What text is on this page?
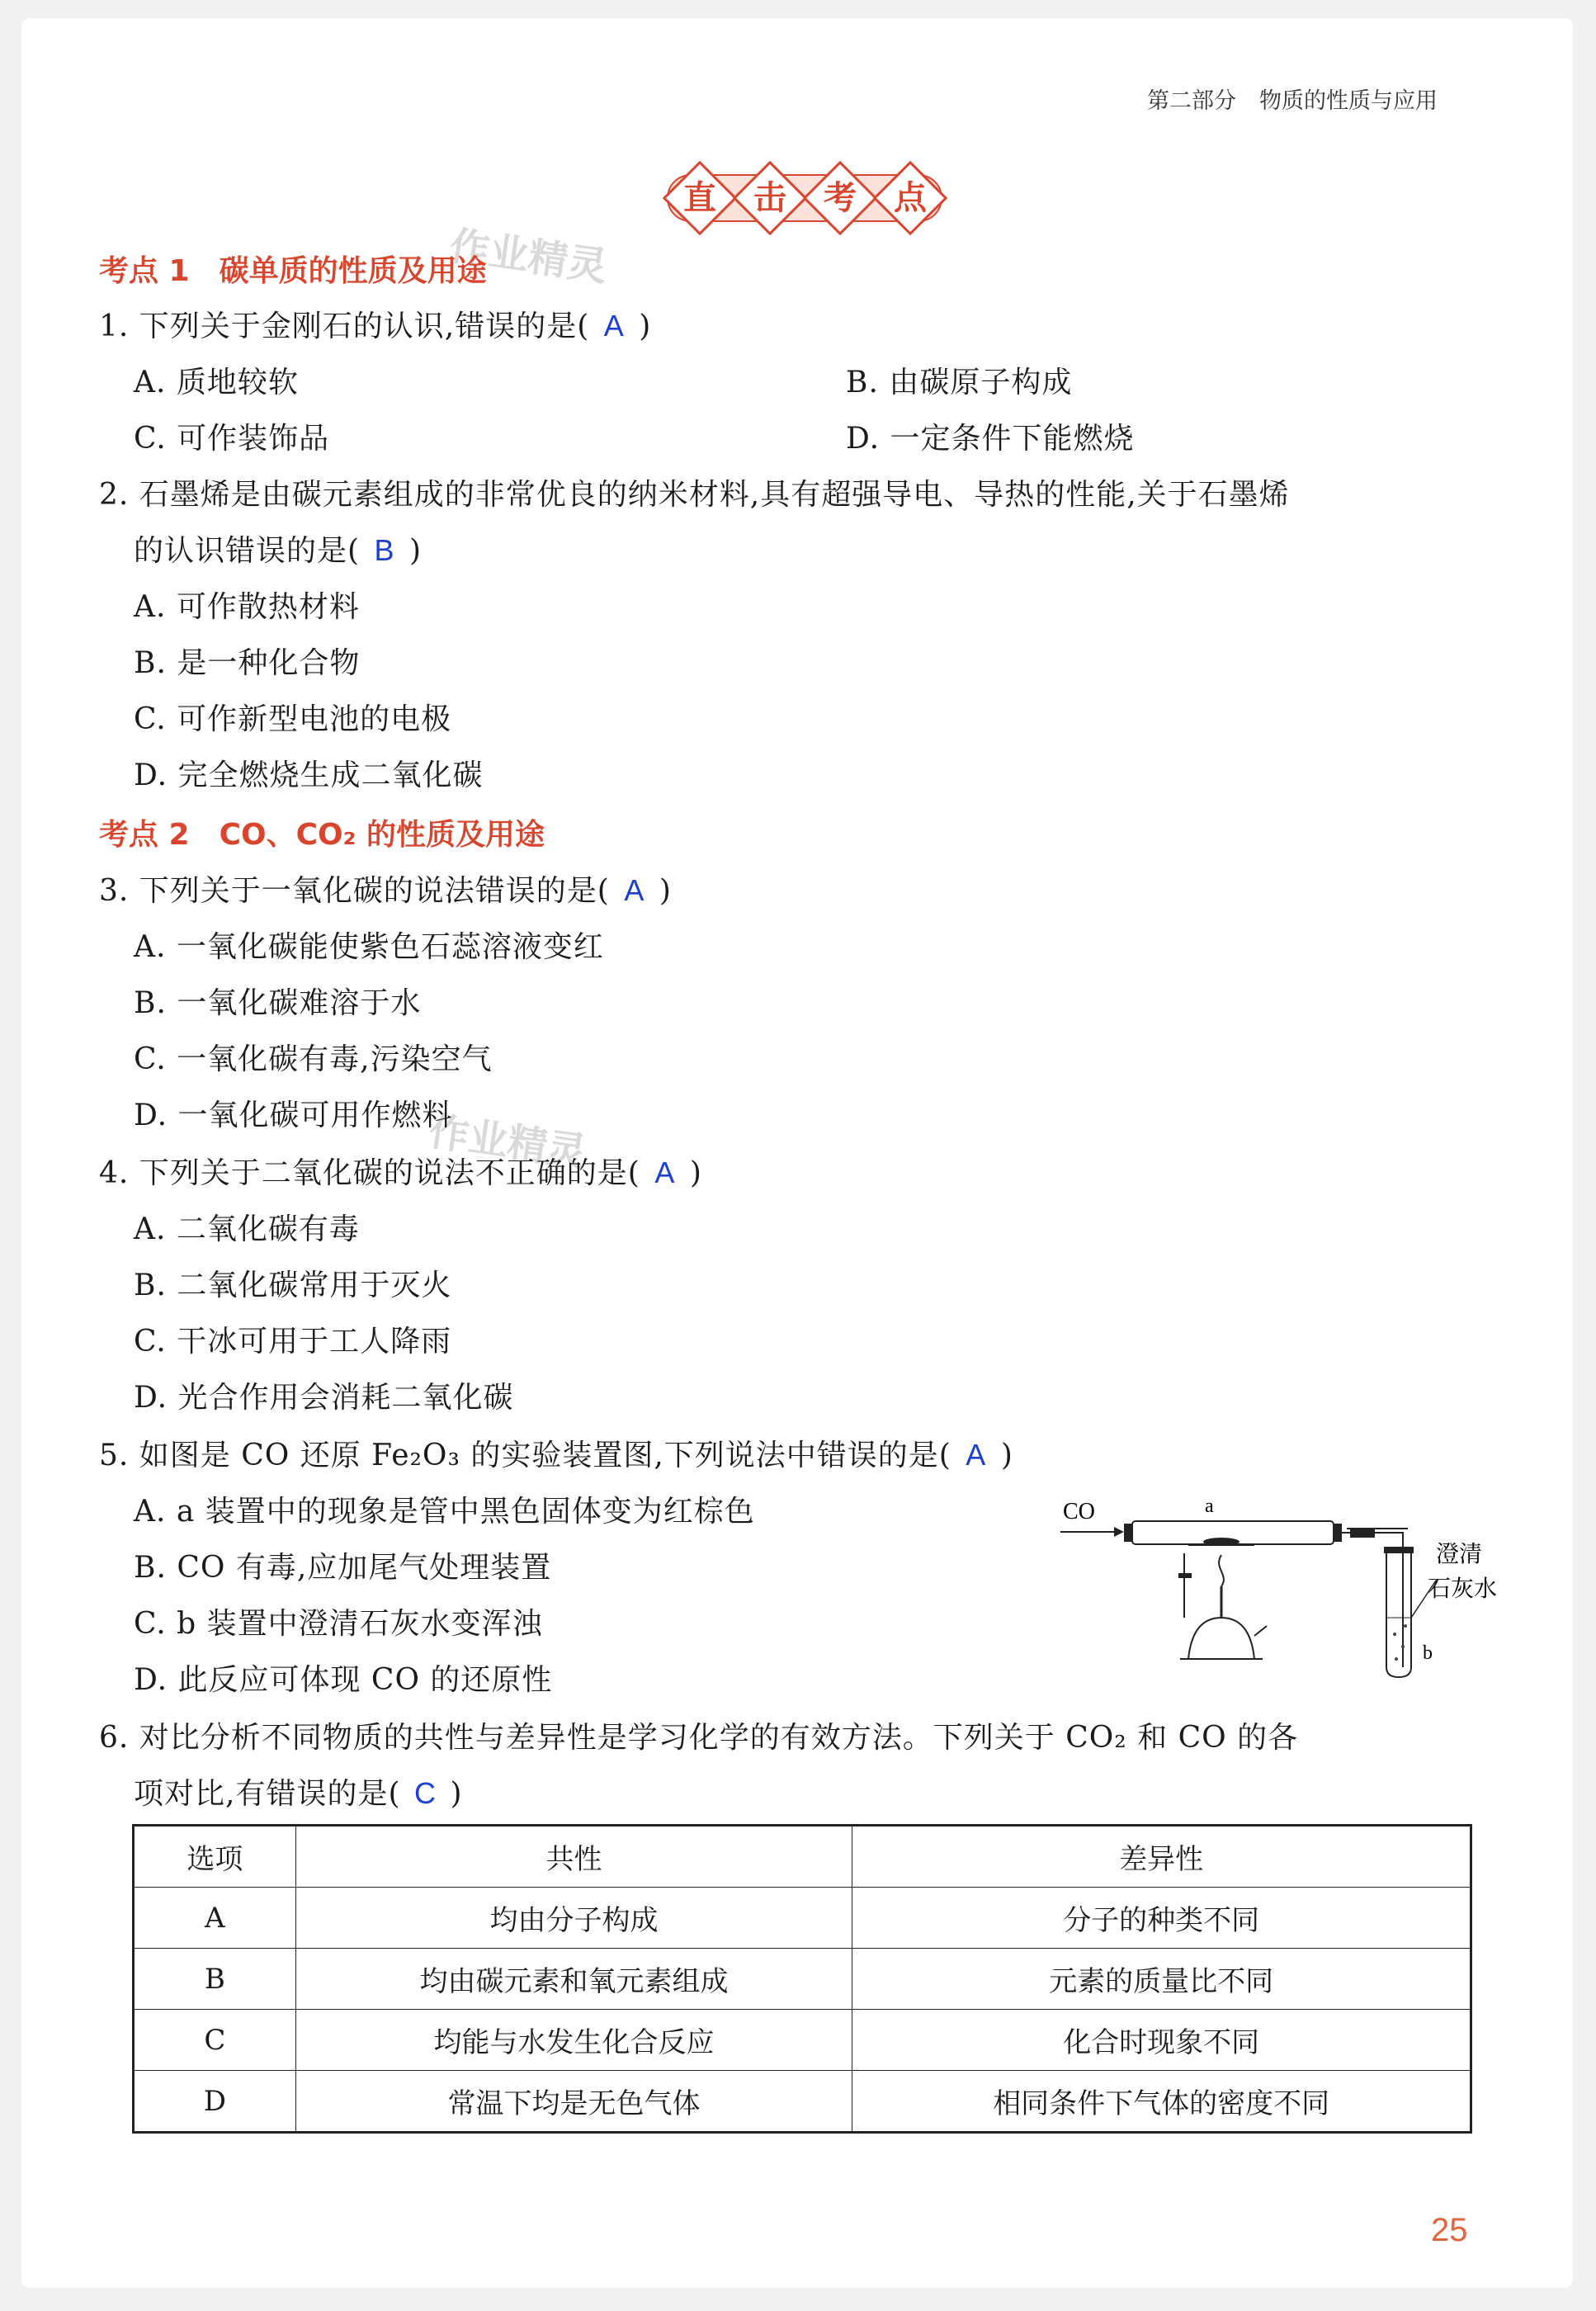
第二部分 物质的性质与应用
直	击	考	点
作业精灵
作业精灵
考点 1 碳单质的性质及用途
1. 下列关于金刚石的认识,错误的是( A )
A. 质地较软	B. 由碳原子构成
C. 可作装饰品	D. 一定条件下能燃烧
2. 石墨烯是由碳元素组成的非常优良的纳米材料,具有超强导电、导热的性能,关于石墨烯
的认识错误的是( B )
A. 可作散热材料
B. 是一种化合物
C. 可作新型电池的电极
D. 完全燃烧生成二氧化碳
考点 2 CO、CO₂ 的性质及用途
3. 下列关于一氧化碳的说法错误的是( A )
A. 一氧化碳能使紫色石蕊溶液变红
B. 一氧化碳难溶于水
C. 一氧化碳有毒,污染空气
D. 一氧化碳可用作燃料
4. 下列关于二氧化碳的说法不正确的是( A )
A. 二氧化碳有毒
B. 二氧化碳常用于灭火
C. 干冰可用于工人降雨
D. 光合作用会消耗二氧化碳
5. 如图是 CO 还原 Fe₂O₃ 的实验装置图,下列说法中错误的是( A )
A. a 装置中的现象是管中黑色固体变为红棕色
B. CO 有毒,应加尾气处理装置
C. b 装置中澄清石灰水变浑浊
D. 此反应可体现 CO 的还原性
CO	a
澄清
石灰水
b
6. 对比分析不同物质的共性与差异性是学习化学的有效方法。下列关于 CO₂ 和 CO 的各
项对比,有错误的是( C )
选项	共性	差异性
A	均由分子构成	分子的种类不同
B	均由碳元素和氧元素组成	元素的质量比不同
C	均能与水发生化合反应	化合时现象不同
D	常温下均是无色气体	相同条件下气体的密度不同
25
